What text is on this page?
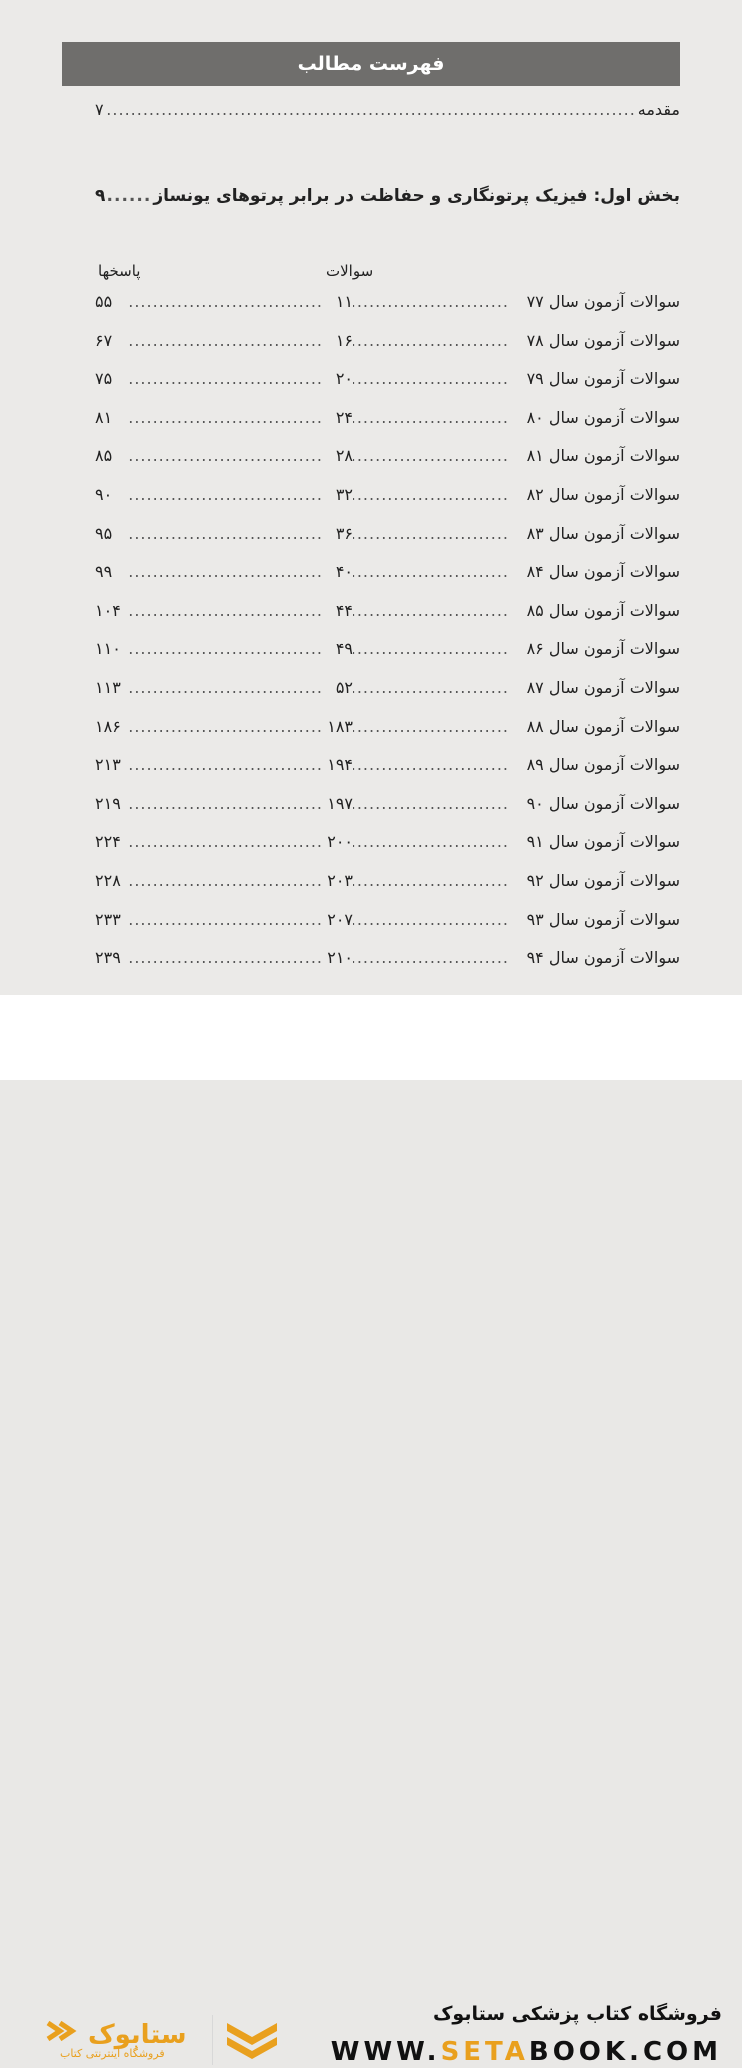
فهرست مطالب
مقدمه
.....
۷
بخش اول: فیزیک پرتونگاری و حفاظت در برابر پرتوهای یونساز
.....
۹
پاسخها	سوالات
سوالات آزمون سال ۷۷
.....
۱۱
.....
۵۵
سوالات آزمون سال ۷۸
.....
۱۶
.....
۶۷
سوالات آزمون سال ۷۹
.....
۲۰
.....
۷۵
سوالات آزمون سال ۸۰
.....
۲۴
.....
۸۱
سوالات آزمون سال ۸۱
.....
۲۸
.....
۸۵
سوالات آزمون سال ۸۲
.....
۳۲
.....
۹۰
سوالات آزمون سال ۸۳
.....
۳۶
.....
۹۵
سوالات آزمون سال ۸۴
.....
۴۰
.....
۹۹
سوالات آزمون سال ۸۵
.....
۴۴
.....
۱۰۴
سوالات آزمون سال ۸۶
.....
۴۹
.....
۱۱۰
سوالات آزمون سال ۸۷
.....
۵۲
.....
۱۱۳
سوالات آزمون سال ۸۸
.....
۱۸۳
.....
۱۸۶
سوالات آزمون سال ۸۹
.....
۱۹۴
.....
۲۱۳
سوالات آزمون سال ۹۰
.....
۱۹۷
.....
۲۱۹
سوالات آزمون سال ۹۱
.....
۲۰۰
.....
۲۲۴
سوالات آزمون سال ۹۲
.....
۲۰۳
.....
۲۲۸
سوالات آزمون سال ۹۳
.....
۲۰۷
.....
۲۳۳
سوالات آزمون سال ۹۴
.....
۲۱۰
.....
۲۳۹
ستابوک
فروشگاه اینترنتی کتاب
فروشگاه کتاب پزشکی ستابوک
WWW.SETABOOK.COM
